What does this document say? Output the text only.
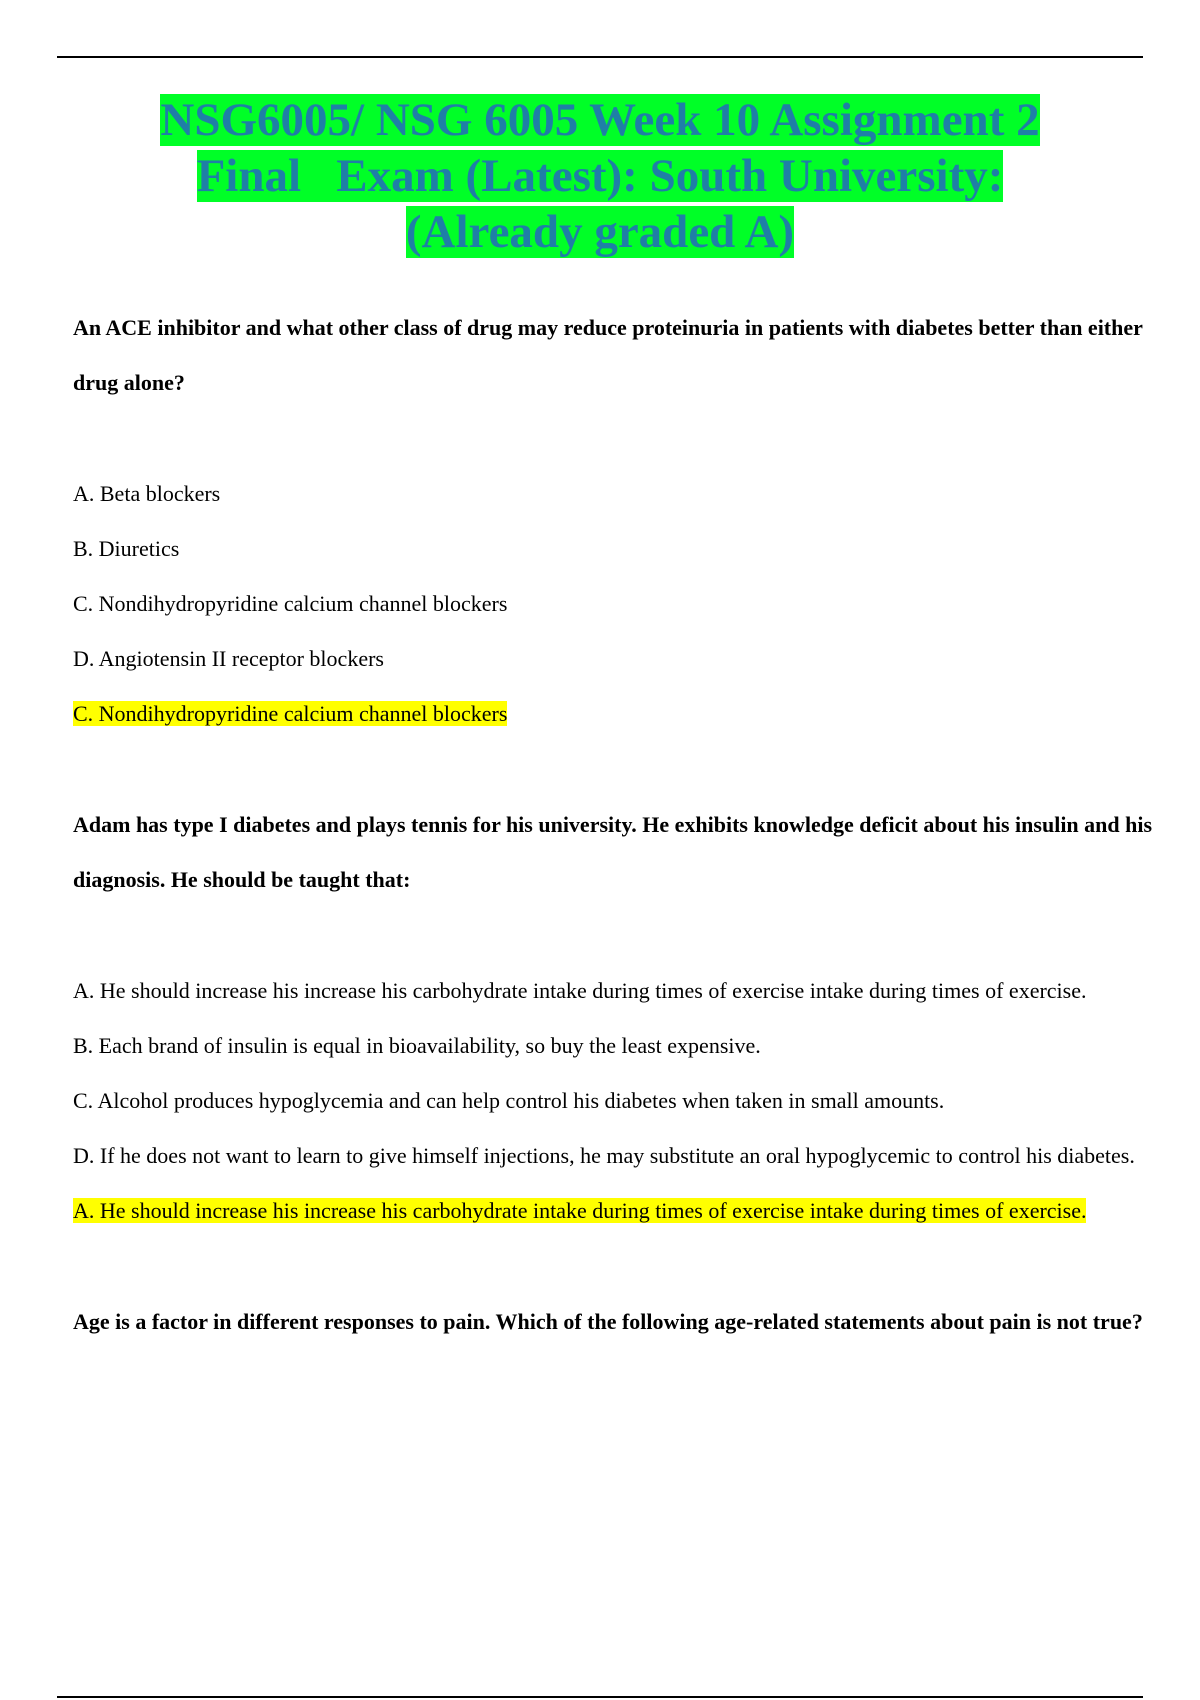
NSG6005/ NSG 6005 Week 10 Assignment 2
Final   Exam (Latest): South University:
(Already graded A)

An ACE inhibitor and what other class of drug may reduce proteinuria in patients with diabetes better than either drug alone?

A. Beta blockers

B. Diuretics

C. Nondihydropyridine calcium channel blockers

D. Angiotensin II receptor blockers

C. Nondihydropyridine calcium channel blockers

Adam has type I diabetes and plays tennis for his university. He exhibits knowledge deficit about his insulin and his diagnosis. He should be taught that:

A. He should increase his increase his carbohydrate intake during times of exercise intake during times of exercise.

B. Each brand of insulin is equal in bioavailability, so buy the least expensive.

C. Alcohol produces hypoglycemia and can help control his diabetes when taken in small amounts.

D. If he does not want to learn to give himself injections, he may substitute an oral hypoglycemic to control his diabetes.

A. He should increase his increase his carbohydrate intake during times of exercise intake during times of exercise.

Age is a factor in different responses to pain. Which of the following age-related statements about pain is not true?
